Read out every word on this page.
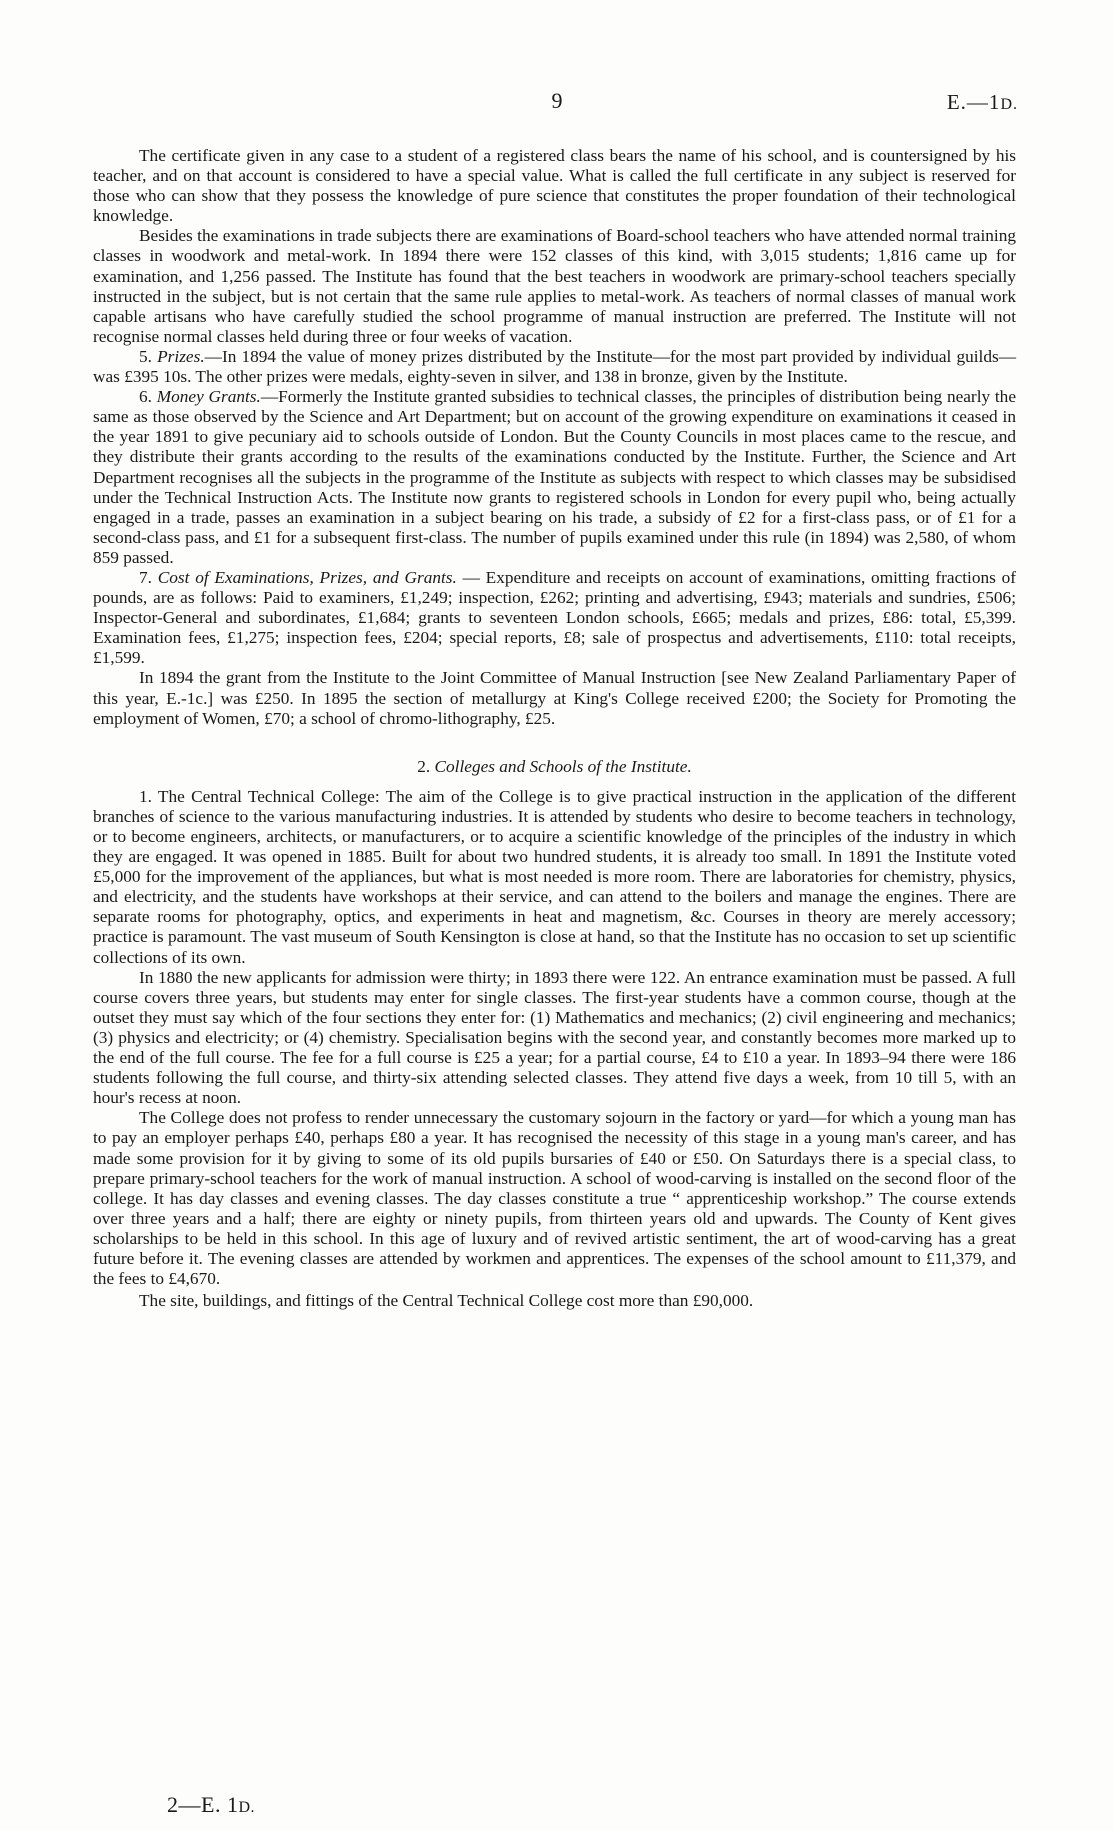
9	E.—1D.

The certificate given in any case to a student of a registered class bears the name of his school, and is countersigned by his teacher, and on that account is considered to have a special value. What is called the full certificate in any subject is reserved for those who can show that they possess the knowledge of pure science that constitutes the proper foundation of their technological knowledge.

Besides the examinations in trade subjects there are examinations of Board-school teachers who have attended normal training classes in woodwork and metal-work. In 1894 there were 152 classes of this kind, with 3,015 students; 1,816 came up for examination, and 1,256 passed. The Institute has found that the best teachers in woodwork are primary-school teachers specially instructed in the subject, but is not certain that the same rule applies to metal-work. As teachers of normal classes of manual work capable artisans who have carefully studied the school programme of manual instruction are preferred. The Institute will not recognise normal classes held during three or four weeks of vacation.

5. Prizes.—In 1894 the value of money prizes distributed by the Institute—for the most part provided by individual guilds—was £395 10s. The other prizes were medals, eighty-seven in silver, and 138 in bronze, given by the Institute.

6. Money Grants.—Formerly the Institute granted subsidies to technical classes, the principles of distribution being nearly the same as those observed by the Science and Art Department; but on account of the growing expenditure on examinations it ceased in the year 1891 to give pecuniary aid to schools outside of London. But the County Councils in most places came to the rescue, and they distribute their grants according to the results of the examinations conducted by the Institute. Further, the Science and Art Department recognises all the subjects in the programme of the Institute as subjects with respect to which classes may be subsidised under the Technical Instruction Acts. The Institute now grants to registered schools in London for every pupil who, being actually engaged in a trade, passes an examination in a subject bearing on his trade, a subsidy of £2 for a first-class pass, or of £1 for a second-class pass, and £1 for a subsequent first-class. The number of pupils examined under this rule (in 1894) was 2,580, of whom 859 passed.

7. Cost of Examinations, Prizes, and Grants. — Expenditure and receipts on account of examinations, omitting fractions of pounds, are as follows: Paid to examiners, £1,249; inspection, £262; printing and advertising, £943; materials and sundries, £506; Inspector-General and subordinates, £1,684; grants to seventeen London schools, £665; medals and prizes, £86: total, £5,399. Examination fees, £1,275; inspection fees, £204; special reports, £8; sale of prospectus and advertisements, £110: total receipts, £1,599.

In 1894 the grant from the Institute to the Joint Committee of Manual Instruction [see New Zealand Parliamentary Paper of this year, E.-1c.] was £250. In 1895 the section of metallurgy at King's College received £200; the Society for Promoting the employment of Women, £70; a school of chromo-lithography, £25.

2. Colleges and Schools of the Institute.

1. The Central Technical College: The aim of the College is to give practical instruction in the application of the different branches of science to the various manufacturing industries. It is attended by students who desire to become teachers in technology, or to become engineers, architects, or manufacturers, or to acquire a scientific knowledge of the principles of the industry in which they are engaged. It was opened in 1885. Built for about two hundred students, it is already too small. In 1891 the Institute voted £5,000 for the improvement of the appliances, but what is most needed is more room. There are laboratories for chemistry, physics, and electricity, and the students have workshops at their service, and can attend to the boilers and manage the engines. There are separate rooms for photography, optics, and experiments in heat and magnetism, &c. Courses in theory are merely accessory; practice is paramount. The vast museum of South Kensington is close at hand, so that the Institute has no occasion to set up scientific collections of its own.

In 1880 the new applicants for admission were thirty; in 1893 there were 122. An entrance examination must be passed. A full course covers three years, but students may enter for single classes. The first-year students have a common course, though at the outset they must say which of the four sections they enter for: (1) Mathematics and mechanics; (2) civil engineering and mechanics; (3) physics and electricity; or (4) chemistry. Specialisation begins with the second year, and constantly becomes more marked up to the end of the full course. The fee for a full course is £25 a year; for a partial course, £4 to £10 a year. In 1893–94 there were 186 students following the full course, and thirty-six attending selected classes. They attend five days a week, from 10 till 5, with an hour's recess at noon.

The College does not profess to render unnecessary the customary sojourn in the factory or yard—for which a young man has to pay an employer perhaps £40, perhaps £80 a year. It has recognised the necessity of this stage in a young man's career, and has made some provision for it by giving to some of its old pupils bursaries of £40 or £50. On Saturdays there is a special class, to prepare primary-school teachers for the work of manual instruction. A school of wood-carving is installed on the second floor of the college. It has day classes and evening classes. The day classes constitute a true “ apprenticeship workshop.” The course extends over three years and a half; there are eighty or ninety pupils, from thirteen years old and upwards. The County of Kent gives scholarships to be held in this school. In this age of luxury and of revived artistic sentiment, the art of wood-carving has a great future before it. The evening classes are attended by workmen and apprentices. The expenses of the school amount to £11,379, and the fees to £4,670.

The site, buildings, and fittings of the Central Technical College cost more than £90,000.

2—E. 1D.
